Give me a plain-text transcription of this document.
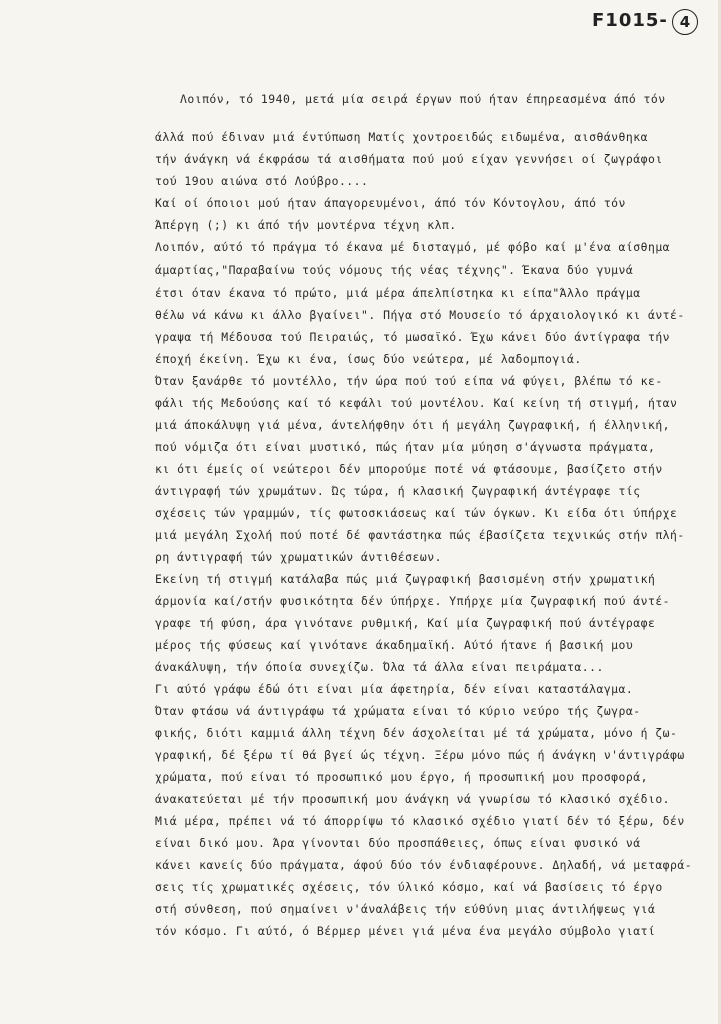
F1015- 4
Λοιπόν, τό 1940, μετά μία σειρά έργων πού ήταν έπηρεασμένα άπό τόν
άλλά πού έδιναν μιά έντύπωση Ματίς χοντροειδώς ειδωμένα, αισθάνθηκα
τήν άνάγκη νά έκφράσω τά αισθήματα πού μού είχαν γεννήσει οί ζωγράφοι
τού 19ου αιώνα στό Λούβρο....
Καί οί όποιοι μού ήταν άπαγορευμένοι, άπό τόν Κόντογλου, άπό τόν
Άπέργη (;) κι άπό τήν μοντέρνα τέχνη κλπ.
Λοιπόν, αύτό τό πράγμα τό έκανα μέ δισταγμό, μέ φόβο καί μ'ένα αίσθημα
άμαρτίας,"Παραβαίνω τούς νόμους τής νέας τέχνης". Έκανα δύο γυμνά
έτσι όταν έκανα τό πρώτο, μιά μέρα άπελπίστηκα κι είπα"Άλλο πράγμα
θέλω νά κάνω κι άλλο βγαίνει". Πήγα στό Μουσείο τό άρχαιολογικό κι άντέ-
γραψα τή Μέδουσα τού Πειραιώς, τό μωσαϊκό. Έχω κάνει δύο άντίγραφα τήν
έποχή έκείνη. Έχω κι ένα, ίσως δύο νεώτερα, μέ λαδομπογιά.
Όταν ξανάρθε τό μοντέλλο, τήν ώρα πού τού είπα νά φύγει, βλέπω τό κε-
φάλι τής Μεδούσης καί τό κεφάλι τού μοντέλου. Καί κείνη τή στιγμή, ήταν
μιά άποκάλυψη γιά μένα, άντελήφθην ότι ή μεγάλη ζωγραφική, ή έλληνική,
πού νόμιζα ότι είναι μυστικό, πώς ήταν μία μύηση σ'άγνωστα πράγματα,
κι ότι έμείς οί νεώτεροι δέν μπορούμε ποτέ νά φτάσουμε, βασίζετο στήν
άντιγραφή τών χρωμάτων. Ώς τώρα, ή κλασική ζωγραφική άντέγραφε τίς
σχέσεις τών γραμμών, τίς φωτοσκιάσεως καί τών όγκων. Κι είδα ότι ύπήρχε
μιά μεγάλη Σχολή πού ποτέ δέ φαντάστηκα πώς έβασίζετα τεχνικώς στήν πλή-
ρη άντιγραφή τών χρωματικών άντιθέσεων.
Εκείνη τή στιγμή κατάλαβα πώς μιά ζωγραφική βασισμένη στήν χρωματική
άρμονία καί/στήν φυσικότητα δέν ύπήρχε. Υπήρχε μία ζωγραφική πού άντέ-
γραφε τή φύση, άρα γινότανε ρυθμική, Καί μία ζωγραφική πού άντέγραφε
μέρος τής φύσεως καί γινότανε άκαδημαϊκή. Αύτό ήτανε ή βασική μου
άνακάλυψη, τήν όποία συνεχίζω. Όλα τά άλλα είναι πειράματα...
Γι αύτό γράφω έδώ ότι είναι μία άφετηρία, δέν είναι καταστάλαγμα.
Όταν φτάσω νά άντιγράφω τά χρώματα είναι τό κύριο νεύρο τής ζωγρα-
φικής, διότι καμμιά άλλη τέχνη δέν άσχολείται μέ τά χρώματα, μόνο ή ζω-
γραφική, δέ ξέρω τί θά βγεί ώς τέχνη. Ξέρω μόνο πώς ή άνάγκη ν'άντιγράφω
χρώματα, πού είναι τό προσωπικό μου έργο, ή προσωπική μου προσφορά,
άνακατεύεται μέ τήν προσωπική μου άνάγκη νά γνωρίσω τό κλασικό σχέδιο.
Μιά μέρα, πρέπει νά τό άπορρίψω τό κλασικό σχέδιο γιατί δέν τό ξέρω, δέν
είναι δικό μου. Άρα γίνονται δύο προσπάθειες, όπως είναι φυσικό νά
κάνει κανείς δύο πράγματα, άφού δύο τόν ένδιαφέρουνε. Δηλαδή, νά μεταφρά-
σεις τίς χρωματικές σχέσεις, τόν ύλικό κόσμο, καί νά βασίσεις τό έργο
στή σύνθεση, πού σημαίνει ν'άναλάβεις τήν εύθύνη μιας άντιλήψεως γιά
τόν κόσμο. Γι αύτό, ό Βέρμερ μένει γιά μένα ένα μεγάλο σύμβολο γιατί
